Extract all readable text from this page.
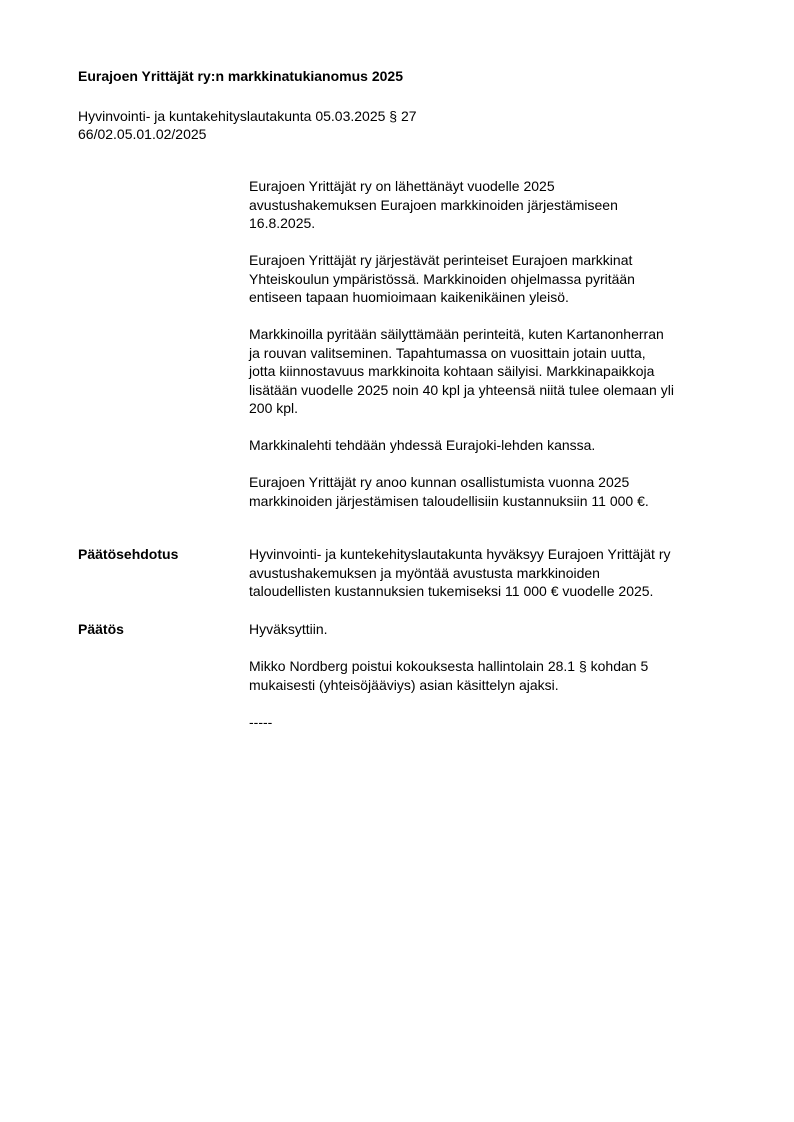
Eurajoen Yrittäjät ry:n markkinatukianomus 2025
Hyvinvointi- ja kuntakehityslautakunta 05.03.2025 § 27
66/02.05.01.02/2025

Eurajoen Yrittäjät ry on lähettänäyt vuodelle 2025
avustushakemuksen Eurajoen markkinoiden järjestämiseen
16.8.2025.

Eurajoen Yrittäjät ry järjestävät perinteiset Eurajoen markkinat
Yhteiskoulun ympäristössä. Markkinoiden ohjelmassa pyritään
entiseen tapaan huomioimaan kaikenikäinen yleisö.

Markkinoilla pyritään säilyttämään perinteitä, kuten Kartanonherran
ja rouvan valitseminen. Tapahtumassa on vuosittain jotain uutta,
jotta kiinnostavuus markkinoita kohtaan säilyisi. Markkinapaikkoja
lisätään vuodelle 2025 noin 40 kpl ja yhteensä niitä tulee olemaan yli
200 kpl.

Markkinalehti tehdään yhdessä Eurajoki-lehden kanssa.

Eurajoen Yrittäjät ry anoo kunnan osallistumista vuonna 2025
markkinoiden järjestämisen taloudellisiin kustannuksiin 11 000 €.

Päätösehdotus	Hyvinvointi- ja kuntekehityslautakunta hyväksyy Eurajoen Yrittäjät ry
avustushakemuksen ja myöntää avustusta markkinoiden
taloudellisten kustannuksien tukemiseksi 11 000 € vuodelle 2025.

Päätös	Hyväksyttiin.

Mikko Nordberg poistui kokouksesta hallintolain 28.1 § kohdan 5
mukaisesti (yhteisöjääviys) asian käsittelyn ajaksi.

-----
